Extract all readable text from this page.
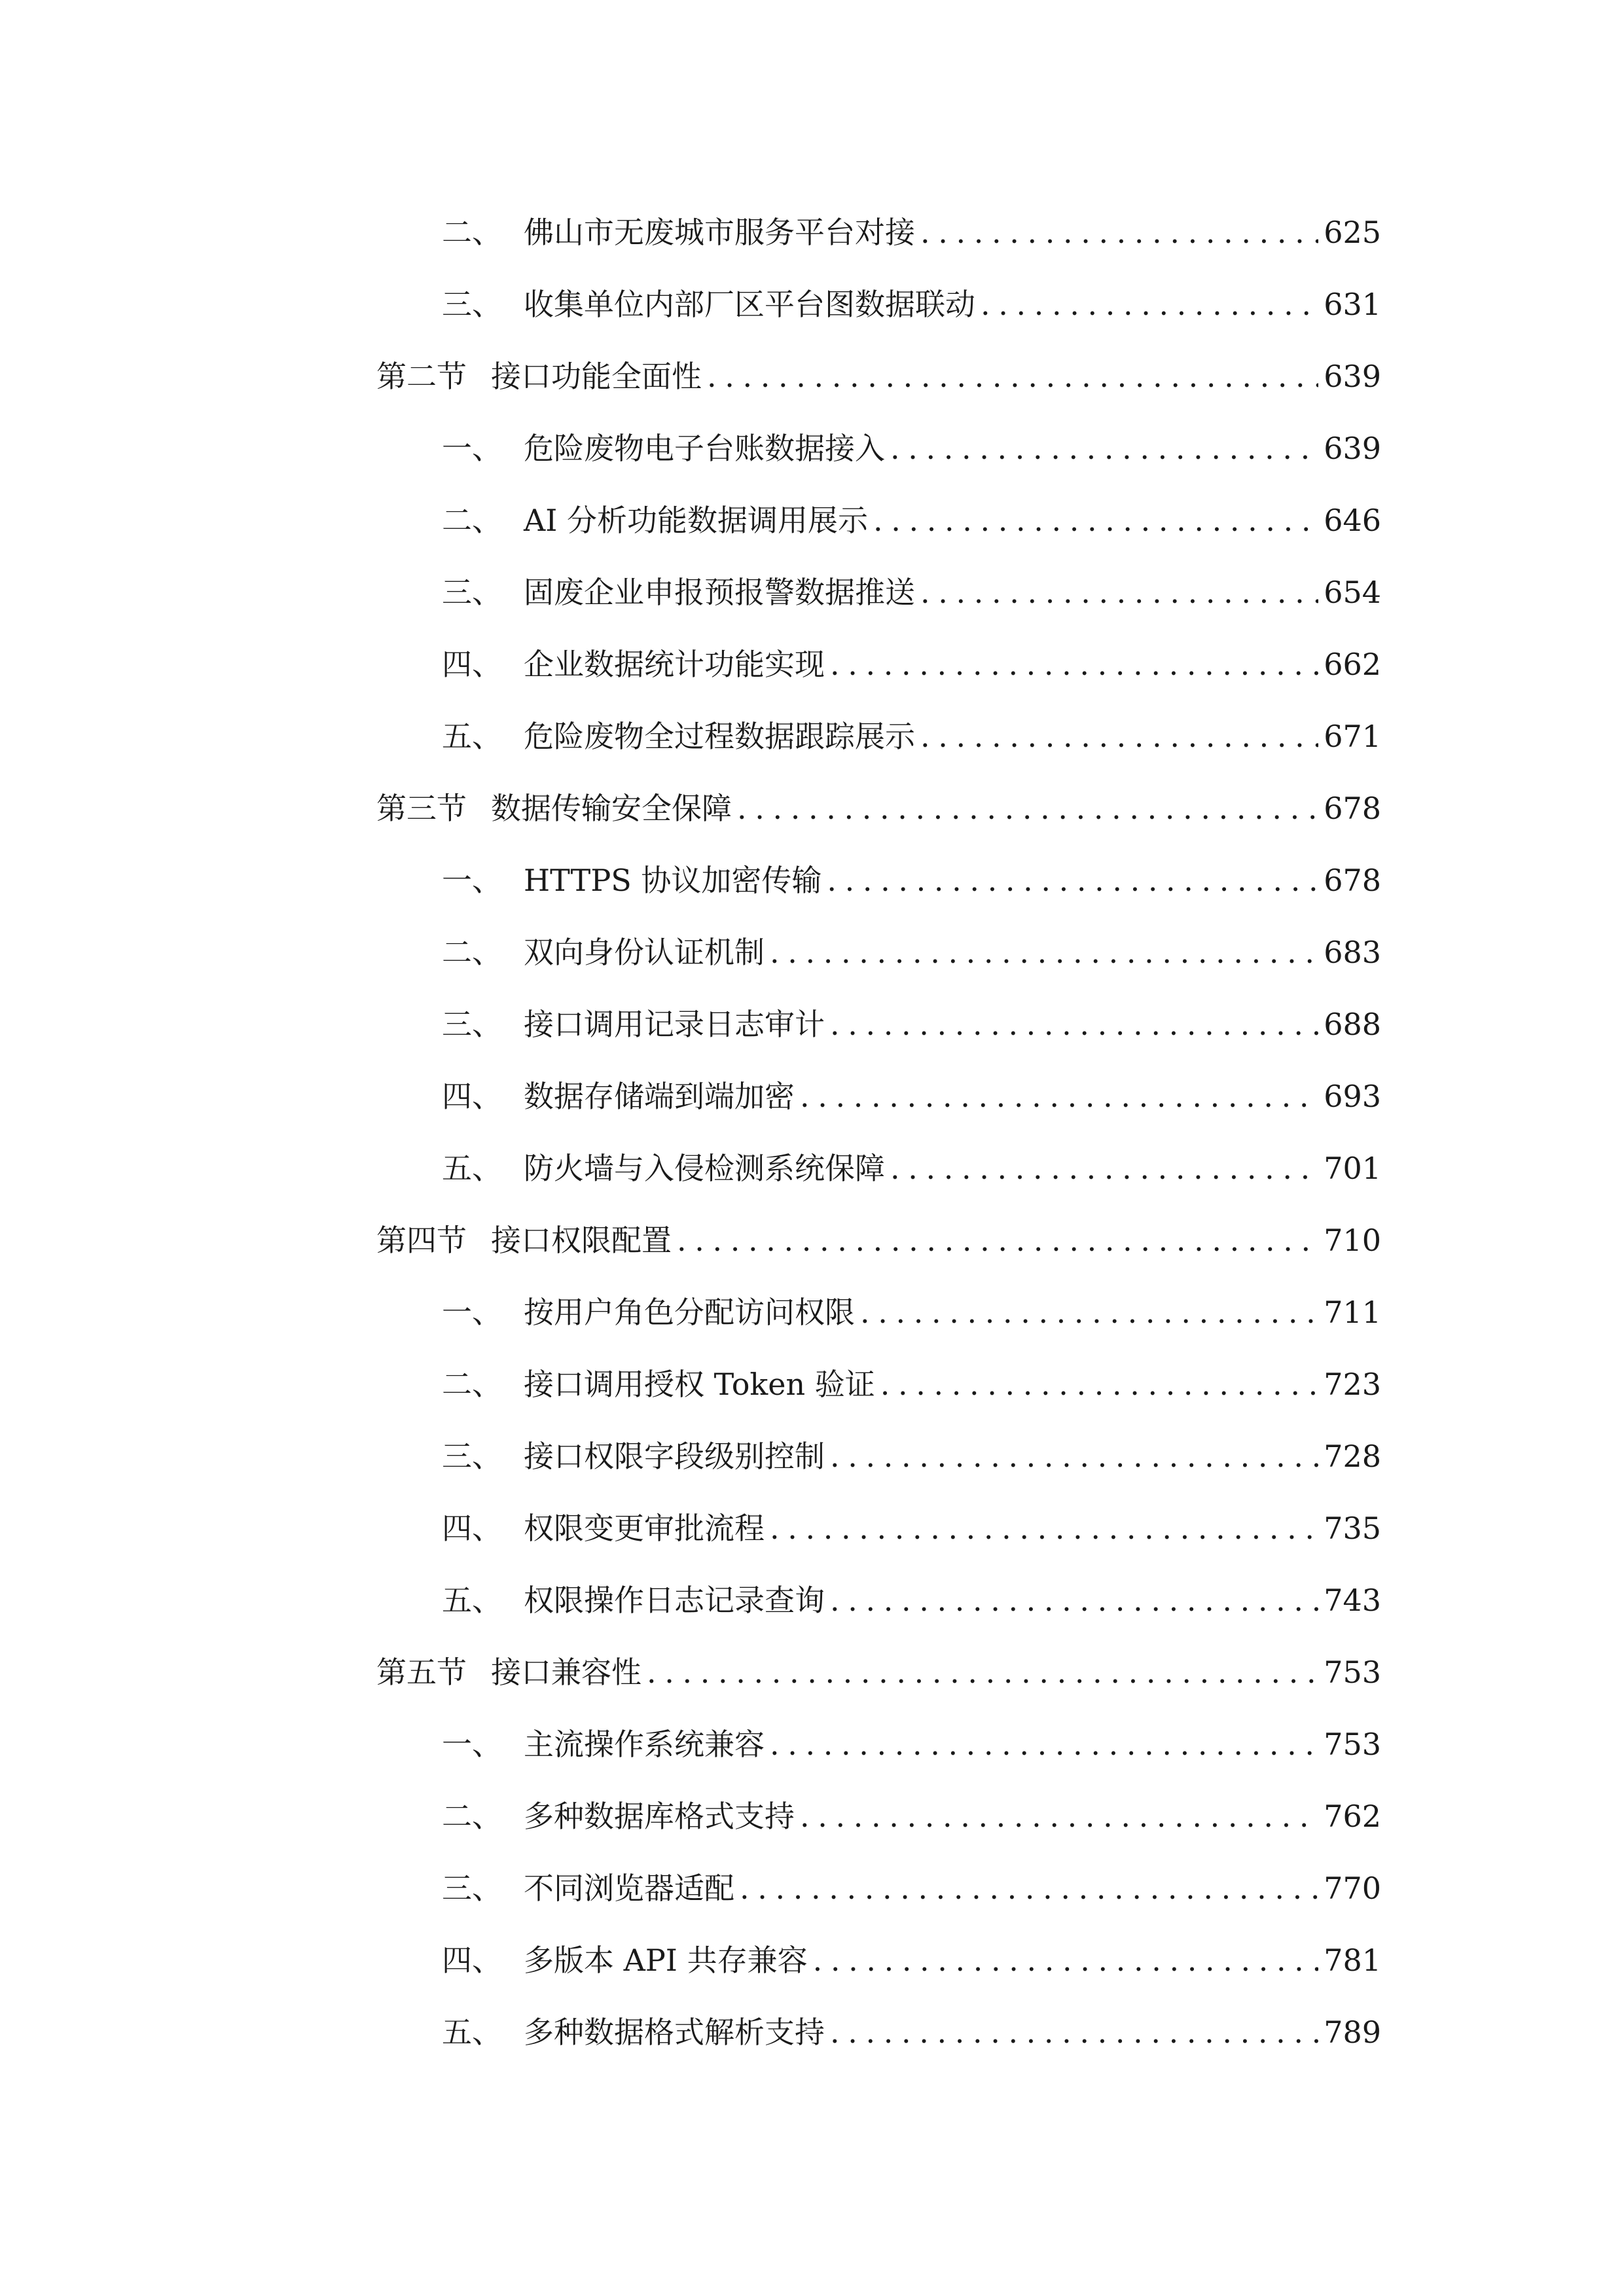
二、 佛山市无废城市服务平台对接 . . .	625
三、 收集单位内部厂区平台图数据联动 . . .	631
第二节 接口功能全面性 . . .	639
一、 危险废物电子台账数据接入 . . .	639
二、 AI 分析功能数据调用展示 . . .	646
三、 固废企业申报预报警数据推送 . . .	654
四、 企业数据统计功能实现 . . .	662
五、 危险废物全过程数据跟踪展示 . . .	671
第三节 数据传输安全保障 . . .	678
一、 HTTPS 协议加密传输 . . .	678
二、 双向身份认证机制 . . .	683
三、 接口调用记录日志审计 . . .	688
四、 数据存储端到端加密 . . .	693
五、 防火墙与入侵检测系统保障 . . .	701
第四节 接口权限配置 . . .	710
一、 按用户角色分配访问权限 . . .	711
二、 接口调用授权 Token 验证 . . .	723
三、 接口权限字段级别控制 . . .	728
四、 权限变更审批流程 . . .	735
五、 权限操作日志记录查询 . . .	743
第五节 接口兼容性 . . .	753
一、 主流操作系统兼容 . . .	753
二、 多种数据库格式支持 . . .	762
三、 不同浏览器适配 . . .	770
四、 多版本 API 共存兼容 . . .	781
五、 多种数据格式解析支持 . . .	789
